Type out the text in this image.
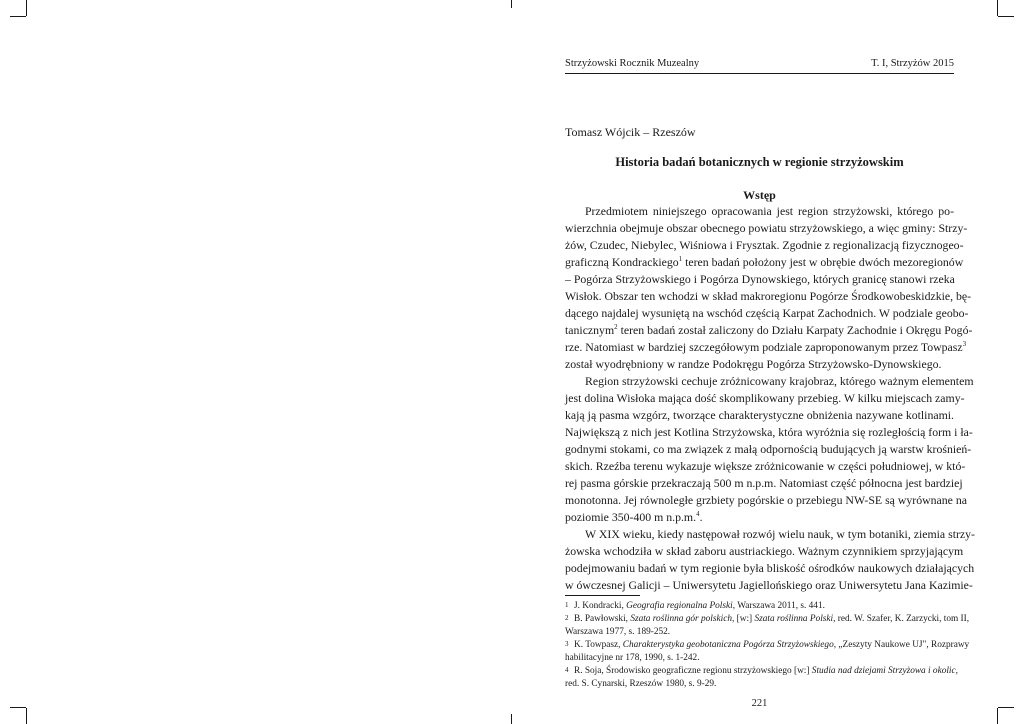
Strzyżowski Rocznik Muzealny	T. I, Strzyżów 2015
Tomasz Wójcik – Rzeszów
Historia badań botanicznych w regionie strzyżowskim
Wstęp
Przedmiotem niniejszego opracowania jest region strzyżowski, którego po-
wierzchnia obejmuje obszar obecnego powiatu strzyżowskiego, a więc gminy: Strzy-
żów, Czudec, Niebylec, Wiśniowa i Frysztak. Zgodnie z regionalizacją fizycznogeo-
graficzną Kondrackiego$^1$ teren badań położony jest w obrębie dwóch mezoregionów
– Pogórza Strzyżowskiego i Pogórza Dynowskiego, których granicę stanowi rzeka
Wisłok. Obszar ten wchodzi w skład makroregionu Pogórze Środkowobeskidzkie, bę-
dącego najdalej wysuniętą na wschód częścią Karpat Zachodnich. W podziale geobo-
tanicznym$^2$ teren badań został zaliczony do Działu Karpaty Zachodnie i Okręgu Pogó-
rze. Natomiast w bardziej szczegółowym podziale zaproponowanym przez Towpasz$^3$
został wyodrębniony w randze Podokręgu Pogórza Strzyżowsko-Dynowskiego.
Region strzyżowski cechuje zróżnicowany krajobraz, którego ważnym elementem
jest dolina Wisłoka mająca dość skomplikowany przebieg. W kilku miejscach zamy-
kają ją pasma wzgórz, tworzące charakterystyczne obniżenia nazywane kotlinami.
Największą z nich jest Kotlina Strzyżowska, która wyróżnia się rozległością form i ła-
godnymi stokami, co ma związek z małą odpornością budujących ją warstw krośnień-
skich. Rzeźba terenu wykazuje większe zróżnicowanie w części południowej, w któ-
rej pasma górskie przekraczają 500 m n.p.m. Natomiast część północna jest bardziej
monotonna. Jej równoległe grzbiety pogórskie o przebiegu NW-SE są wyrównane na
poziomie 350-400 m n.p.m.$^4$.
W XIX wieku, kiedy następował rozwój wielu nauk, w tym botaniki, ziemia strzy-
żowska wchodziła w skład zaboru austriackiego. Ważnym czynnikiem sprzyjającym
podejmowaniu badań w tym regionie była bliskość ośrodków naukowych działających
w ówczesnej Galicji – Uniwersytetu Jagiellońskiego oraz Uniwersytetu Jana Kazimie-
1 J. Kondracki, Geografia regionalna Polski, Warszawa 2011, s. 441.
2 B. Pawłowski, Szata roślinna gór polskich, [w:] Szata roślinna Polski, red. W. Szafer, K. Zarzycki, tom II,
Warszawa 1977, s. 189-252.
3 K. Towpasz, Charakterystyka geobotaniczna Pogórza Strzyżowskiego, „Zeszyty Naukowe UJ", Rozprawy
habilitacyjne nr 178, 1990, s. 1-242.
4 R. Soja, Środowisko geograficzne regionu strzyżowskiego [w:] Studia nad dziejami Strzyżowa i okolic,
red. S. Cynarski, Rzeszów 1980, s. 9-29.
221
